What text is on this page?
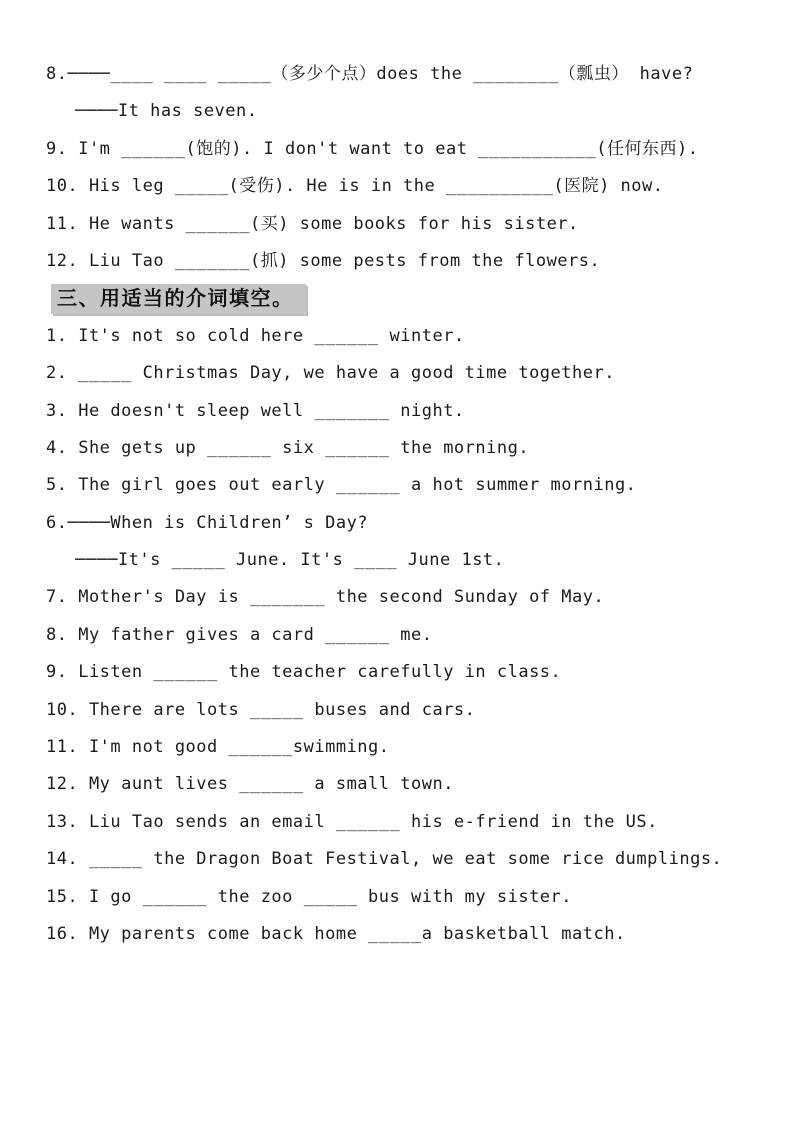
8.────____ ____ _____（多少个点）does the ________（瓢虫） have?
────It has seven.
9. I'm ______(饱的). I don't want to eat ___________(任何东西).
10. His leg _____(受伤). He is in the __________(医院) now.
11. He wants ______(买) some books for his sister.
12. Liu Tao _______(抓) some pests from the flowers.
三、用适当的介词填空。
1. It's not so cold here ______ winter.
2. _____ Christmas Day, we have a good time together.
3. He doesn't sleep well _______ night.
4. She gets up ______ six ______ the morning.
5. The girl goes out early ______ a hot summer morning.
6.────When is Children’ s Day?
────It's _____ June. It's ____ June 1st.
7. Mother's Day is _______ the second Sunday of May.
8. My father gives a card ______ me.
9. Listen ______ the teacher carefully in class.
10. There are lots _____ buses and cars.
11. I'm not good ______swimming.
12. My aunt lives ______ a small town.
13. Liu Tao sends an email ______ his e-friend in the US.
14. _____ the Dragon Boat Festival, we eat some rice dumplings.
15. I go ______ the zoo _____ bus with my sister.
16. My parents come back home _____a basketball match.
